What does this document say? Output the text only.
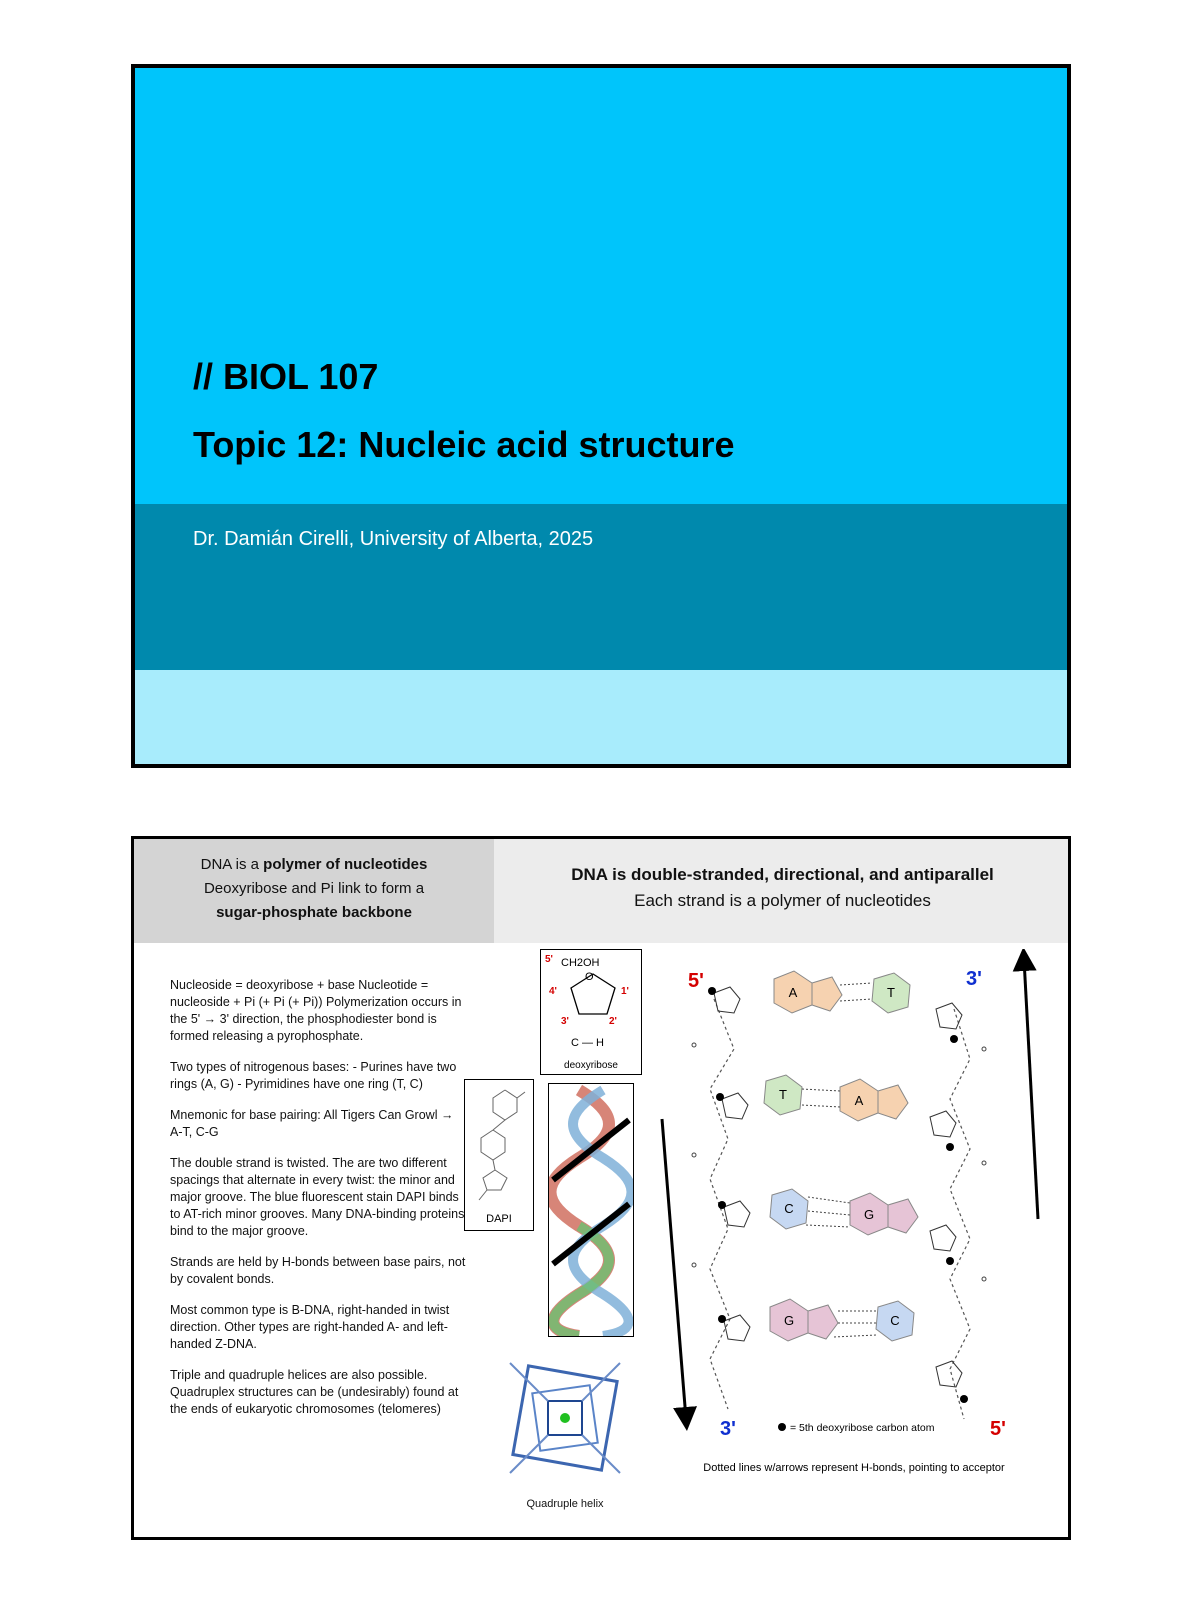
// BIOL 107
Topic 12: Nucleic acid structure
Dr. Damián Cirelli, University of Alberta, 2025
DNA is a polymer of nucleotides
Deoxyribose and Pi link to form a
sugar-phosphate backbone
DNA is double-stranded, directional, and antiparallel
Each strand is a polymer of nucleotides

Nucleoside = deoxyribose + base Nucleotide = nucleoside + Pi (+ Pi (+ Pi)) Polymerization occurs in the 5' → 3' direction, the phosphodiester bond is formed releasing a pyrophosphate.

Two types of nitrogenous bases: - Purines have two rings (A, G) - Pyrimidines have one ring (T, C)

Mnemonic for base pairing: All Tigers Can Growl → A-T, C-G

The double strand is twisted. The are two different spacings that alternate in every twist: the minor and major groove. The blue fluorescent stain DAPI binds to AT-rich minor grooves. Many DNA-binding proteins bind to the major groove.

Strands are held by H-bonds between base pairs, not by covalent bonds.

Most common type is B-DNA, right-handed in twist direction. Other types are right-handed A- and left-handed Z-DNA.

Triple and quadruple helices are also possible. Quadruplex structures can be (undesirably) found at the ends of eukaryotic chromosomes (telomeres)

O
CH2OH
5'
4'
3'	2'
1'
C — H
deoxyribose
DAPI
Quadruple helix
A	T
T	A
C	G
G	C
5'	3'
3'	5'
= 5th deoxyribose carbon atom
Dotted lines w/arrows represent H-bonds, pointing to acceptor
